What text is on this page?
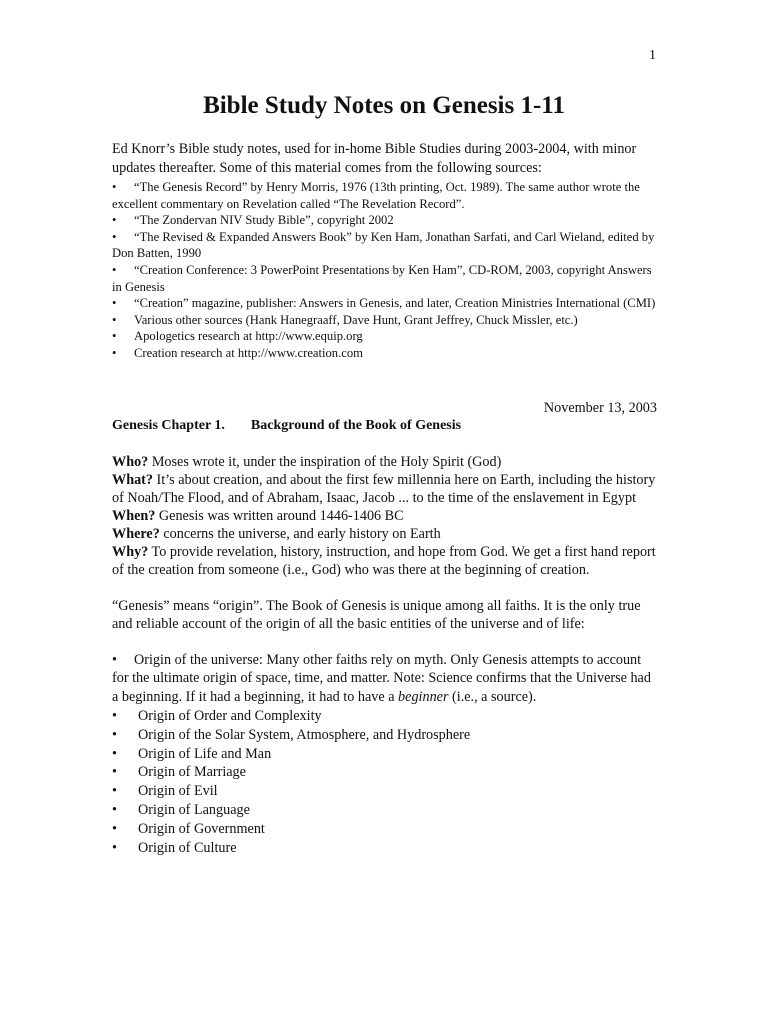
1
Bible Study Notes on Genesis 1-11

Ed Knorr’s Bible study notes, used for in-home Bible Studies during 2003-2004, with minor updates thereafter. Some of this material comes from the following sources:

• “The Genesis Record” by Henry Morris, 1976 (13th printing, Oct. 1989). The same author wrote the excellent commentary on Revelation called “The Revelation Record”.
• “The Zondervan NIV Study Bible”, copyright 2002
• “The Revised & Expanded Answers Book” by Ken Ham, Jonathan Sarfati, and Carl Wieland, edited by Don Batten, 1990
• “Creation Conference: 3 PowerPoint Presentations by Ken Ham”, CD-ROM, 2003, copyright Answers in Genesis
• “Creation” magazine, publisher: Answers in Genesis, and later, Creation Ministries International (CMI)
• Various other sources (Hank Hanegraaff, Dave Hunt, Grant Jeffrey, Chuck Missler, etc.)
• Apologetics research at http://www.equip.org
• Creation research at http://www.creation.com

November 13, 2003

Genesis Chapter 1. Background of the Book of Genesis

Who? Moses wrote it, under the inspiration of the Holy Spirit (God)
What? It’s about creation, and about the first few millennia here on Earth, including the history of Noah/The Flood, and of Abraham, Isaac, Jacob ... to the time of the enslavement in Egypt
When? Genesis was written around 1446-1406 BC
Where? concerns the universe, and early history on Earth
Why? To provide revelation, history, instruction, and hope from God. We get a first hand report of the creation from someone (i.e., God) who was there at the beginning of creation.

“Genesis” means “origin”. The Book of Genesis is unique among all faiths. It is the only true and reliable account of the origin of all the basic entities of the universe and of life:

• Origin of the universe: Many other faiths rely on myth. Only Genesis attempts to account for the ultimate origin of space, time, and matter. Note: Science confirms that the Universe had a beginning. If it had a beginning, it had to have a beginner (i.e., a source).
• Origin of Order and Complexity
• Origin of the Solar System, Atmosphere, and Hydrosphere
• Origin of Life and Man
• Origin of Marriage
• Origin of Evil
• Origin of Language
• Origin of Government
• Origin of Culture
